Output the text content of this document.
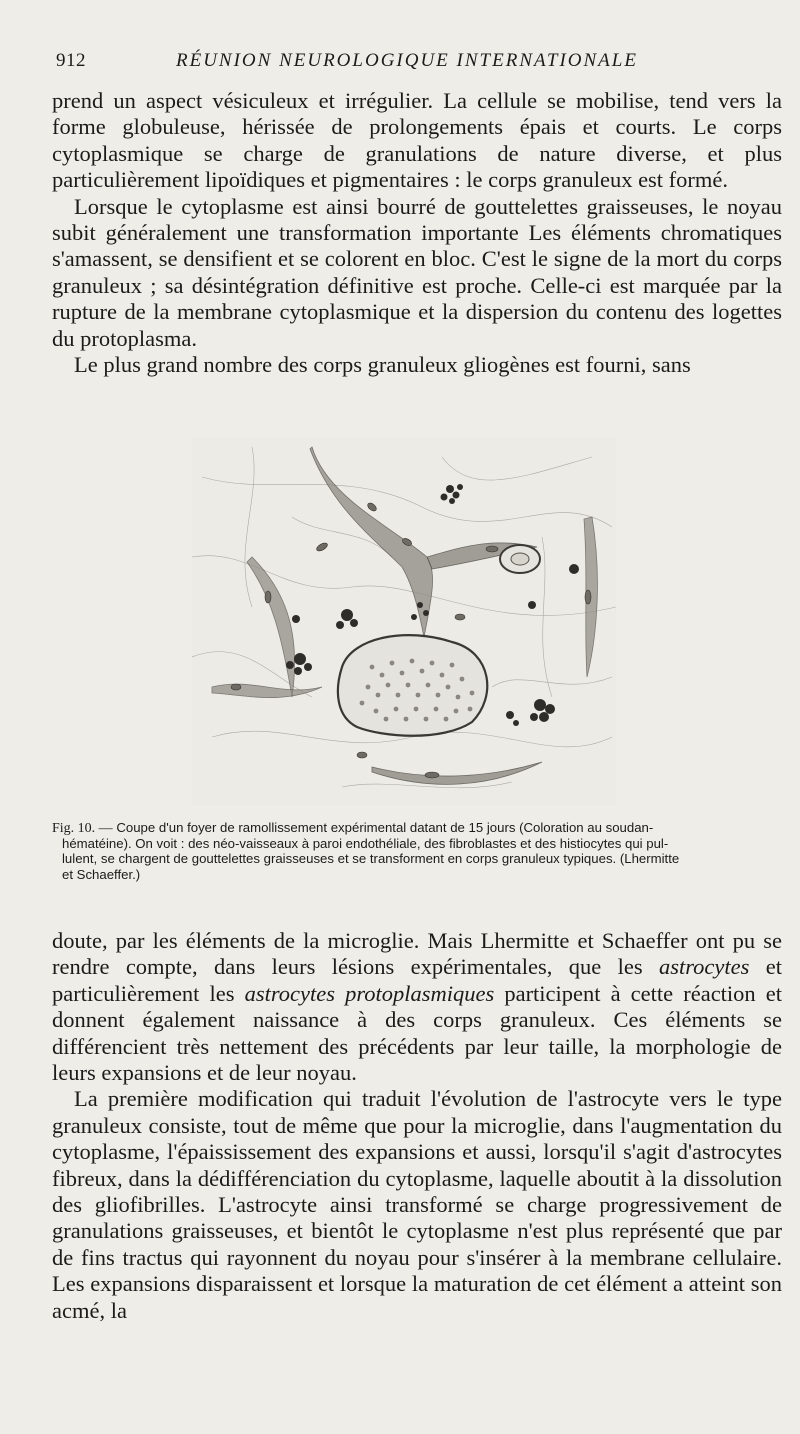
912	RÉUNION NEUROLOGIQUE INTERNATIONALE

prend un aspect vésiculeux et irrégulier. La cellule se mobilise, tend vers la forme globuleuse, hérissée de prolongements épais et courts. Le corps cytoplasmique se charge de granulations de nature diverse, et plus particulièrement lipoïdiques et pigmentaires : le corps granuleux est formé.

Lorsque le cytoplasme est ainsi bourré de gouttelettes graisseuses, le noyau subit généralement une transformation importante Les éléments chromatiques s'amassent, se densifient et se colorent en bloc. C'est le signe de la mort du corps granuleux ; sa désintégration définitive est proche. Celle-ci est marquée par la rupture de la membrane cytoplasmique et la dispersion du contenu des logettes du protoplasma.

Le plus grand nombre des corps granuleux gliogènes est fourni, sans

Fig. 10. — Coupe d'un foyer de ramollissement expérimental datant de 15 jours (Coloration au soudan-
hématéine). On voit : des néo-vaisseaux à paroi endothéliale, des fibroblastes et des histiocytes qui pul-
lulent, se chargent de gouttelettes graisseuses et se transforment en corps granuleux typiques. (Lhermitte
et Schaeffer.)

doute, par les éléments de la microglie. Mais Lhermitte et Schaeffer ont pu se rendre compte, dans leurs lésions expérimentales, que les astrocytes et particulièrement les astrocytes protoplasmiques participent à cette réaction et donnent également naissance à des corps granuleux. Ces éléments se différencient très nettement des précédents par leur taille, la morphologie de leurs expansions et de leur noyau.

La première modification qui traduit l'évolution de l'astrocyte vers le type granuleux consiste, tout de même que pour la microglie, dans l'augmentation du cytoplasme, l'épaississement des expansions et aussi, lorsqu'il s'agit d'astrocytes fibreux, dans la dédifférenciation du cytoplasme, laquelle aboutit à la dissolution des gliofibrilles. L'astrocyte ainsi transformé se charge progressivement de granulations graisseuses, et bientôt le cytoplasme n'est plus représenté que par de fins tractus qui rayonnent du noyau pour s'insérer à la membrane cellulaire. Les expansions disparaissent et lorsque la maturation de cet élément a atteint son acmé, la
